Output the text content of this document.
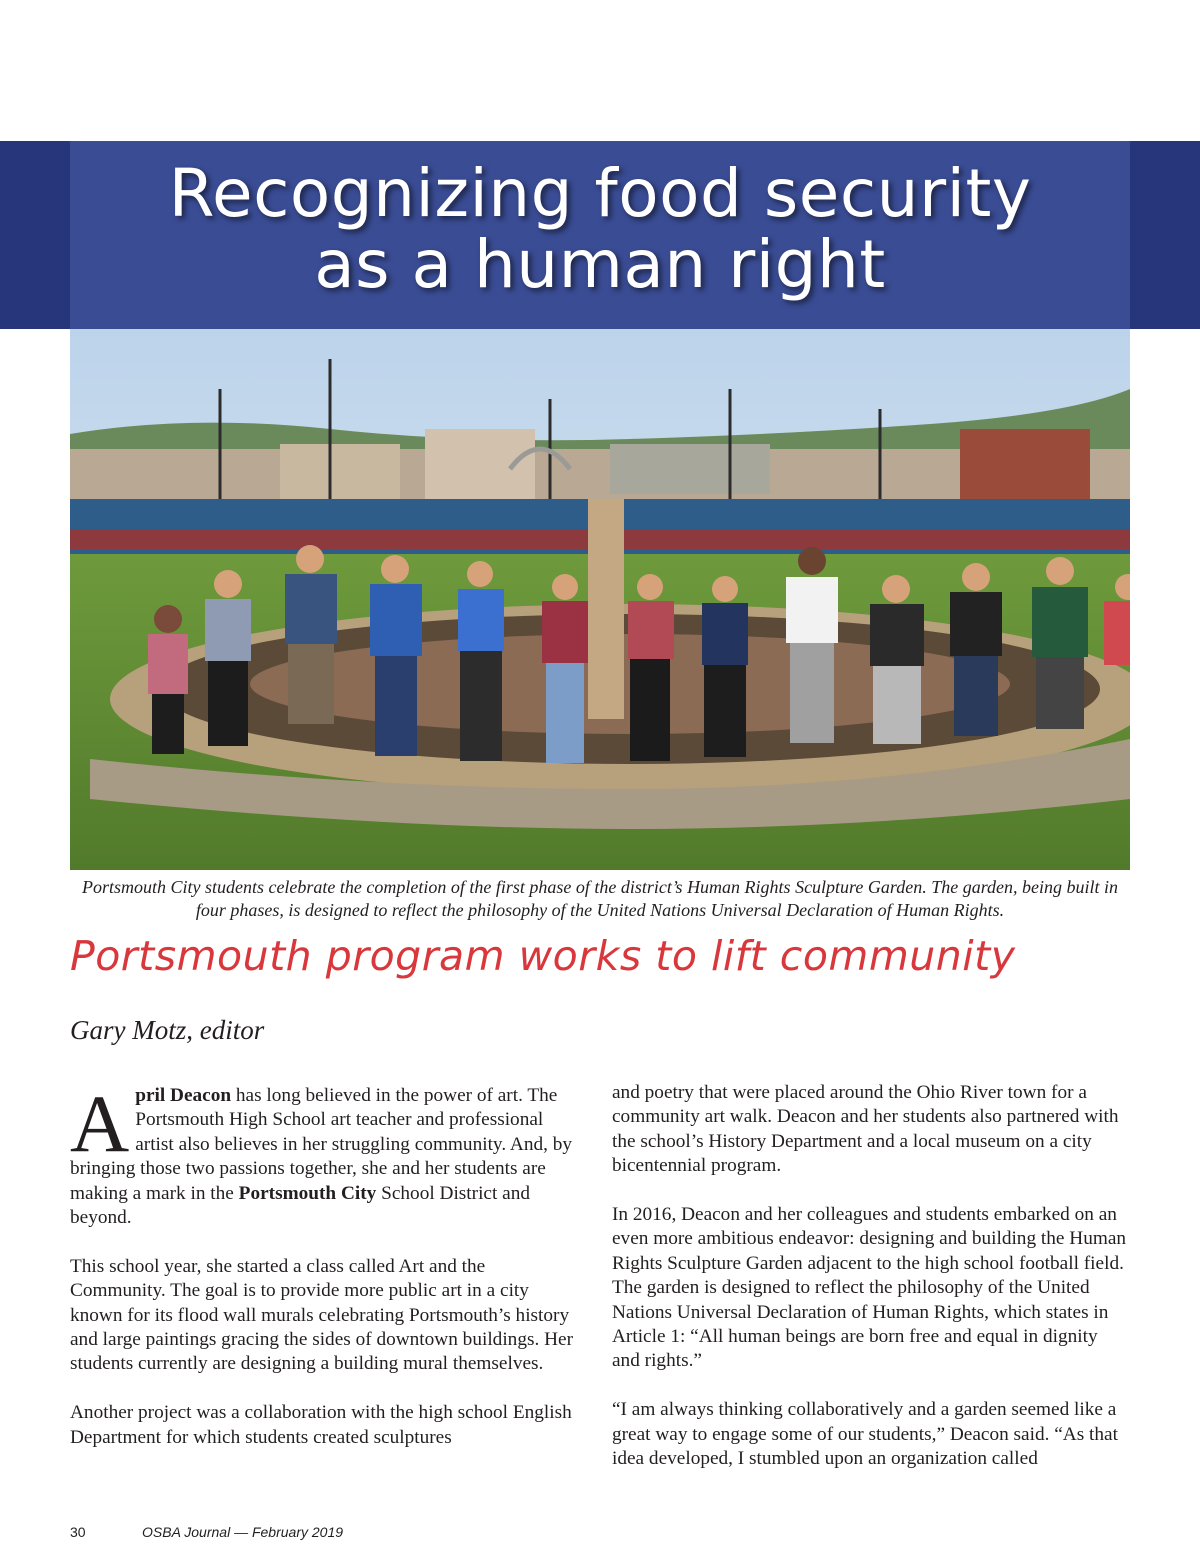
Recognizing food security
as a human right
Portsmouth City students celebrate the completion of the first phase of the district’s Human Rights Sculpture Garden. The garden, being built in four phases, is designed to reflect the philosophy of the United Nations Universal Declaration of Human Rights.
Portsmouth program works to lift community
Gary Motz, editor

April Deacon has long believed in the power of art. The Portsmouth High School art teacher and professional artist also believes in her struggling community. And, by bringing those two passions together, she and her students are making a mark in the Portsmouth City School District and beyond.

This school year, she started a class called Art and the Community. The goal is to provide more public art in a city known for its flood wall murals celebrating Portsmouth’s history and large paintings gracing the sides of downtown buildings. Her students currently are designing a building mural themselves.

Another project was a collaboration with the high school English Department for which students created sculptures

and poetry that were placed around the Ohio River town for a community art walk. Deacon and her students also partnered with the school’s History Department and a local museum on a city bicentennial program.

In 2016, Deacon and her colleagues and students embarked on an even more ambitious endeavor: designing and building the Human Rights Sculpture Garden adjacent to the high school football field. The garden is designed to reflect the philosophy of the United Nations Universal Declaration of Human Rights, which states in Article 1: “All human beings are born free and equal in dignity and rights.”

“I am always thinking collaboratively and a garden seemed like a great way to engage some of our students,” Deacon said. “As that idea developed, I stumbled upon an organization called

30	OSBA Journal — February 2019
